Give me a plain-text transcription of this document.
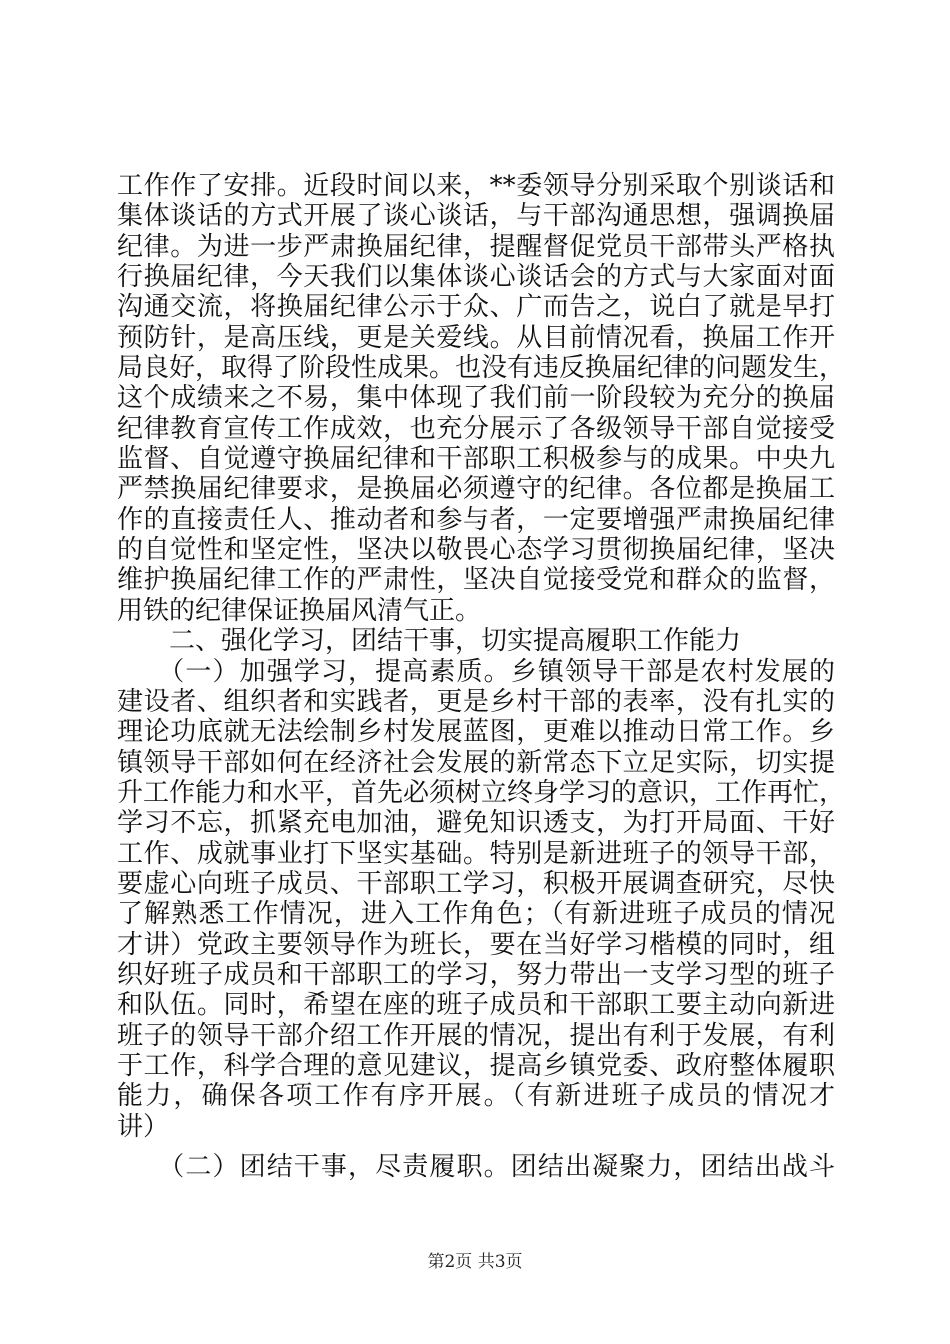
工作作了安排。近段时间以来，**委领导分别采取个别谈话和
集体谈话的方式开展了谈心谈话，与干部沟通思想，强调换届
纪律。为进一步严肃换届纪律，提醒督促党员干部带头严格执
行换届纪律，今天我们以集体谈心谈话会的方式与大家面对面
沟通交流，将换届纪律公示于众、广而告之，说白了就是早打
预防针，是高压线，更是关爱线。从目前情况看，换届工作开
局良好，取得了阶段性成果。也没有违反换届纪律的问题发生，
这个成绩来之不易，集中体现了我们前一阶段较为充分的换届
纪律教育宣传工作成效，也充分展示了各级领导干部自觉接受
监督、自觉遵守换届纪律和干部职工积极参与的成果。中央九
严禁换届纪律要求，是换届必须遵守的纪律。各位都是换届工
作的直接责任人、推动者和参与者，一定要增强严肃换届纪律
的自觉性和坚定性，坚决以敬畏心态学习贯彻换届纪律，坚决
维护换届纪律工作的严肃性，坚决自觉接受党和群众的监督，
用铁的纪律保证换届风清气正。
　　二、强化学习，团结干事，切实提高履职工作能力
　　（一）加强学习，提高素质。乡镇领导干部是农村发展的
建设者、组织者和实践者，更是乡村干部的表率，没有扎实的
理论功底就无法绘制乡村发展蓝图，更难以推动日常工作。乡
镇领导干部如何在经济社会发展的新常态下立足实际，切实提
升工作能力和水平，首先必须树立终身学习的意识，工作再忙，
学习不忘，抓紧充电加油，避免知识透支，为打开局面、干好
工作、成就事业打下坚实基础。特别是新进班子的领导干部，
要虚心向班子成员、干部职工学习，积极开展调查研究，尽快
了解熟悉工作情况，进入工作角色；（有新进班子成员的情况
才讲）党政主要领导作为班长，要在当好学习楷模的同时，组
织好班子成员和干部职工的学习，努力带出一支学习型的班子
和队伍。同时，希望在座的班子成员和干部职工要主动向新进
班子的领导干部介绍工作开展的情况，提出有利于发展，有利
于工作，科学合理的意见建议，提高乡镇党委、政府整体履职
能力，确保各项工作有序开展。（有新进班子成员的情况才
讲）
　　（二）团结干事，尽责履职。团结出凝聚力，团结出战斗
第2页 共3页
